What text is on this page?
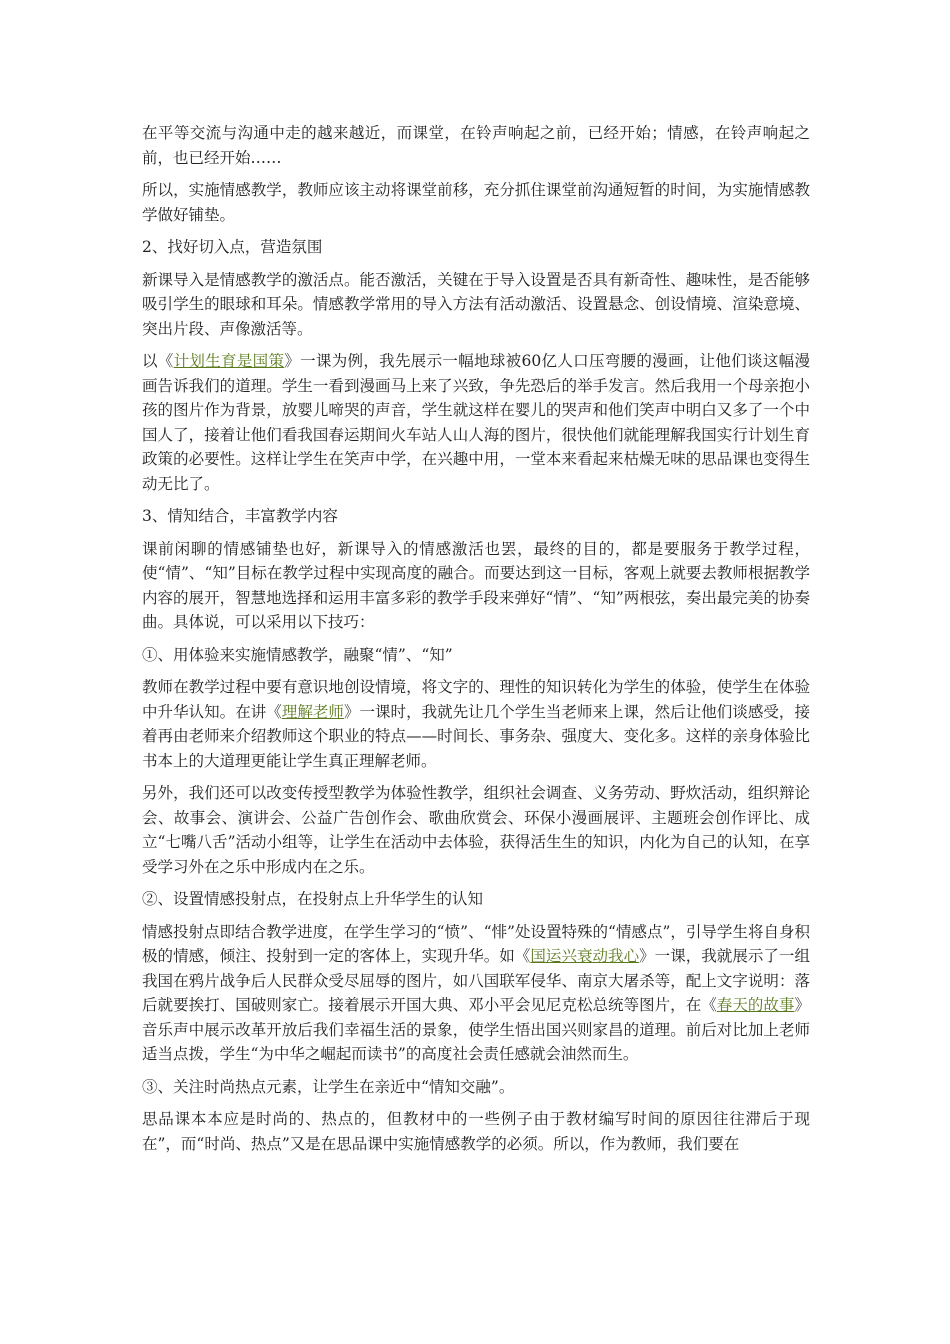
在平等交流与沟通中走的越来越近，而课堂，在铃声响起之前，已经开始；情感，在铃声响起之前，也已经开始……

所以，实施情感教学，教师应该主动将课堂前移，充分抓住课堂前沟通短暂的时间，为实施情感教学做好铺垫。

2、找好切入点，营造氛围

新课导入是情感教学的激活点。能否激活，关键在于导入设置是否具有新奇性、趣味性，是否能够吸引学生的眼球和耳朵。情感教学常用的导入方法有活动激活、设置悬念、创设情境、渲染意境、突出片段、声像激活等。

以《计划生育是国策》一课为例，我先展示一幅地球被60亿人口压弯腰的漫画，让他们谈这幅漫画告诉我们的道理。学生一看到漫画马上来了兴致，争先恐后的举手发言。然后我用一个母亲抱小孩的图片作为背景，放婴儿啼哭的声音，学生就这样在婴儿的哭声和他们笑声中明白又多了一个中国人了，接着让他们看我国春运期间火车站人山人海的图片，很快他们就能理解我国实行计划生育政策的必要性。这样让学生在笑声中学，在兴趣中用，一堂本来看起来枯燥无味的思品课也变得生动无比了。

3、情知结合，丰富教学内容

课前闲聊的情感铺垫也好，新课导入的情感激活也罢，最终的目的，都是要服务于教学过程，使“情”、“知”目标在教学过程中实现高度的融合。而要达到这一目标，客观上就要去教师根据教学内容的展开，智慧地选择和运用丰富多彩的教学手段来弹好“情”、“知”两根弦，奏出最完美的协奏曲。具体说，可以采用以下技巧：

①、用体验来实施情感教学，融聚“情”、“知”

教师在教学过程中要有意识地创设情境，将文字的、理性的知识转化为学生的体验，使学生在体验中升华认知。在讲《理解老师》一课时，我就先让几个学生当老师来上课，然后让他们谈感受，接着再由老师来介绍教师这个职业的特点——时间长、事务杂、强度大、变化多。这样的亲身体验比书本上的大道理更能让学生真正理解老师。

另外，我们还可以改变传授型教学为体验性教学，组织社会调查、义务劳动、野炊活动，组织辩论会、故事会、演讲会、公益广告创作会、歌曲欣赏会、环保小漫画展评、主题班会创作评比、成立“七嘴八舌”活动小组等，让学生在活动中去体验，获得活生生的知识，内化为自己的认知，在享受学习外在之乐中形成内在之乐。

②、设置情感投射点，在投射点上升华学生的认知

情感投射点即结合教学进度，在学生学习的“愤”、“悱”处设置特殊的“情感点”，引导学生将自身积极的情感，倾注、投射到一定的客体上，实现升华。如《国运兴衰动我心》一课，我就展示了一组我国在鸦片战争后人民群众受尽屈辱的图片，如八国联军侵华、南京大屠杀等，配上文字说明：落后就要挨打、国破则家亡。接着展示开国大典、邓小平会见尼克松总统等图片，在《春天的故事》音乐声中展示改革开放后我们幸福生活的景象，使学生悟出国兴则家昌的道理。前后对比加上老师适当点拨，学生“为中华之崛起而读书”的高度社会责任感就会油然而生。

③、关注时尚热点元素，让学生在亲近中“情知交融”。

思品课本本应是时尚的、热点的，但教材中的一些例子由于教材编写时间的原因往往滞后于现在”，而“时尚、热点”又是在思品课中实施情感教学的必须。所以，作为教师，我们要在
